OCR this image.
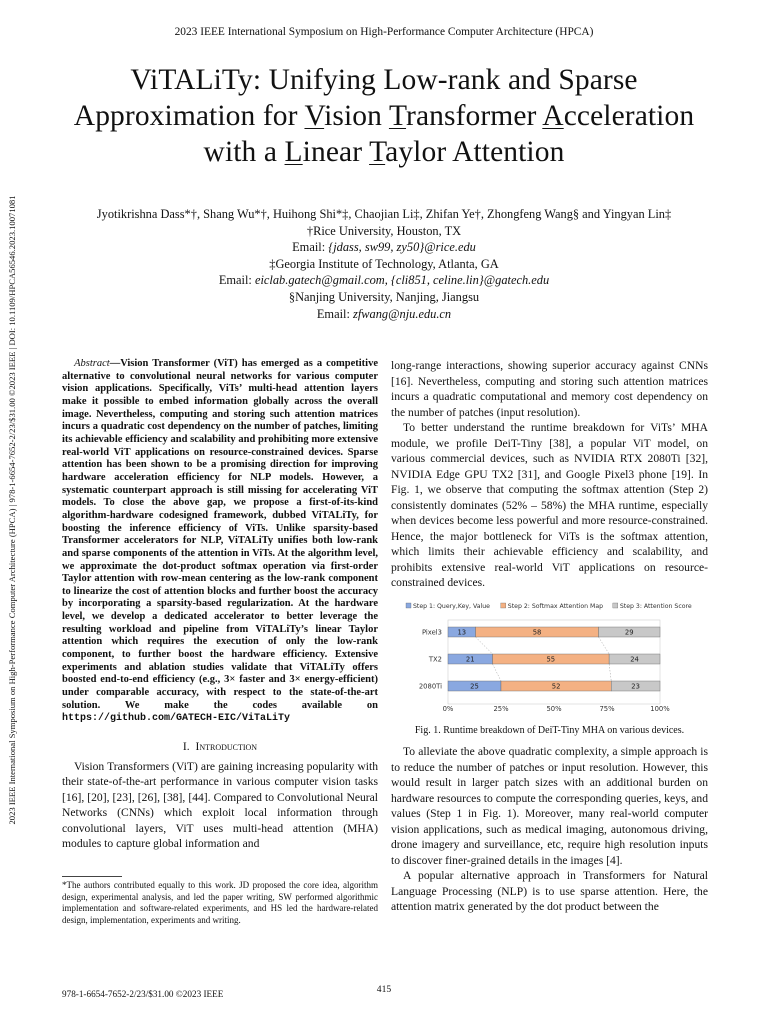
2023 IEEE International Symposium on High-Performance Computer Architecture (HPCA)
ViTALiTy: Unifying Low-rank and Sparse
Approximation for Vision Transformer Acceleration
with a Linear Taylor Attention
Jyotikrishna Dass*†, Shang Wu*†, Huihong Shi*‡, Chaojian Li‡, Zhifan Ye†, Zhongfeng Wang§ and Yingyan Lin‡
†Rice University, Houston, TX
Email: {jdass, sw99, zy50}@rice.edu
‡Georgia Institute of Technology, Atlanta, GA
Email: eiclab.gatech@gmail.com, {cli851, celine.lin}@gatech.edu
§Nanjing University, Nanjing, Jiangsu
Email: zfwang@nju.edu.cn
2023 IEEE International Symposium on High-Performance Computer Architecture (HPCA) | 978-1-6654-7652-2/23/$31.00 ©2023 IEEE | DOI: 10.1109/HPCA56546.2023.10071081	Abstract—Vision Transformer (ViT) has emerged as a competitive alternative to convolutional neural networks for various computer vision applications. Specifically, ViTs’ multi-head attention layers make it possible to embed information globally across the overall image. Nevertheless, computing and storing such attention matrices incurs a quadratic cost dependency on the number of patches, limiting its achievable efficiency and scalability and prohibiting more extensive real-world ViT applications on resource-constrained devices. Sparse attention has been shown to be a promising direction for improving hardware acceleration efficiency for NLP models. However, a systematic counterpart approach is still missing for accelerating ViT models. To close the above gap, we propose a first-of-its-kind algorithm-hardware codesigned framework, dubbed ViTALiTy, for boosting the inference efficiency of ViTs. Unlike sparsity-based Transformer accelerators for NLP, ViTALiTy unifies both low-rank and sparse components of the attention in ViTs. At the algorithm level, we approximate the dot-product softmax operation via first-order Taylor attention with row-mean centering as the low-rank component to linearize the cost of attention blocks and further boost the accuracy by incorporating a sparsity-based regularization. At the hardware level, we develop a dedicated accelerator to better leverage the resulting workload and pipeline from ViTALiTy’s linear Taylor attention which requires the execution of only the low-rank component, to further boost the hardware efficiency. Extensive experiments and ablation studies validate that ViTALiTy offers boosted end-to-end efficiency (e.g., 3× faster and 3× energy-efficient) under comparable accuracy, with respect to the state-of-the-art solution. We make the codes available on https://github.com/GATECH-EIC/ViTaLiTy

I. Introduction

Vision Transformers (ViT) are gaining increasing popularity with their state-of-the-art performance in various computer vision tasks [16], [20], [23], [26], [38], [44]. Compared to Convolutional Neural Networks (CNNs) which exploit local information through convolutional layers, ViT uses multi-head attention (MHA) modules to capture global information and

*The authors contributed equally to this work. JD proposed the core idea, algorithm design, experimental analysis, and led the paper writing, SW performed algorithmic implementation and software-related experiments, and HS led the hardware-related design, implementation, experiments and writing.

long-range interactions, showing superior accuracy against CNNs [16]. Nevertheless, computing and storing such attention matrices incurs a quadratic computational and memory cost dependency on the number of patches (input resolution).

To better understand the runtime breakdown for ViTs’ MHA module, we profile DeiT-Tiny [38], a popular ViT model, on various commercial devices, such as NVIDIA RTX 2080Ti [32], NVIDIA Edge GPU TX2 [31], and Google Pixel3 phone [19]. In Fig. 1, we observe that computing the softmax attention (Step 2) consistently dominates (52% – 58%) the MHA runtime, especially when devices become less powerful and more resource-constrained. Hence, the major bottleneck for ViTs is the softmax attention, which limits their achievable efficiency and scalability, and prohibits extensive real-world ViT applications on resource-constrained devices.

Step 1: Query,Key, Value	Step 2: Softmax Attention Map	Step 3: Attention Score
13	58	29
Pixel3
21	55	24
TX2
25	52	23
2080Ti
0%	25%	50%	75%	100%
Fig. 1. Runtime breakdown of DeiT-Tiny MHA on various devices.

To alleviate the above quadratic complexity, a simple approach is to reduce the number of patches or input resolution. However, this would result in larger patch sizes with an additional burden on hardware resources to compute the corresponding queries, keys, and values (Step 1 in Fig. 1). Moreover, many real-world computer vision applications, such as medical imaging, autonomous driving, drone imagery and surveillance, etc, require high resolution inputs to discover finer-grained details in the images [4].

A popular alternative approach in Transformers for Natural Language Processing (NLP) is to use sparse attention. Here, the attention matrix generated by the dot product between the

978-1-6654-7652-2/23/$31.00 ©2023 IEEE	415
